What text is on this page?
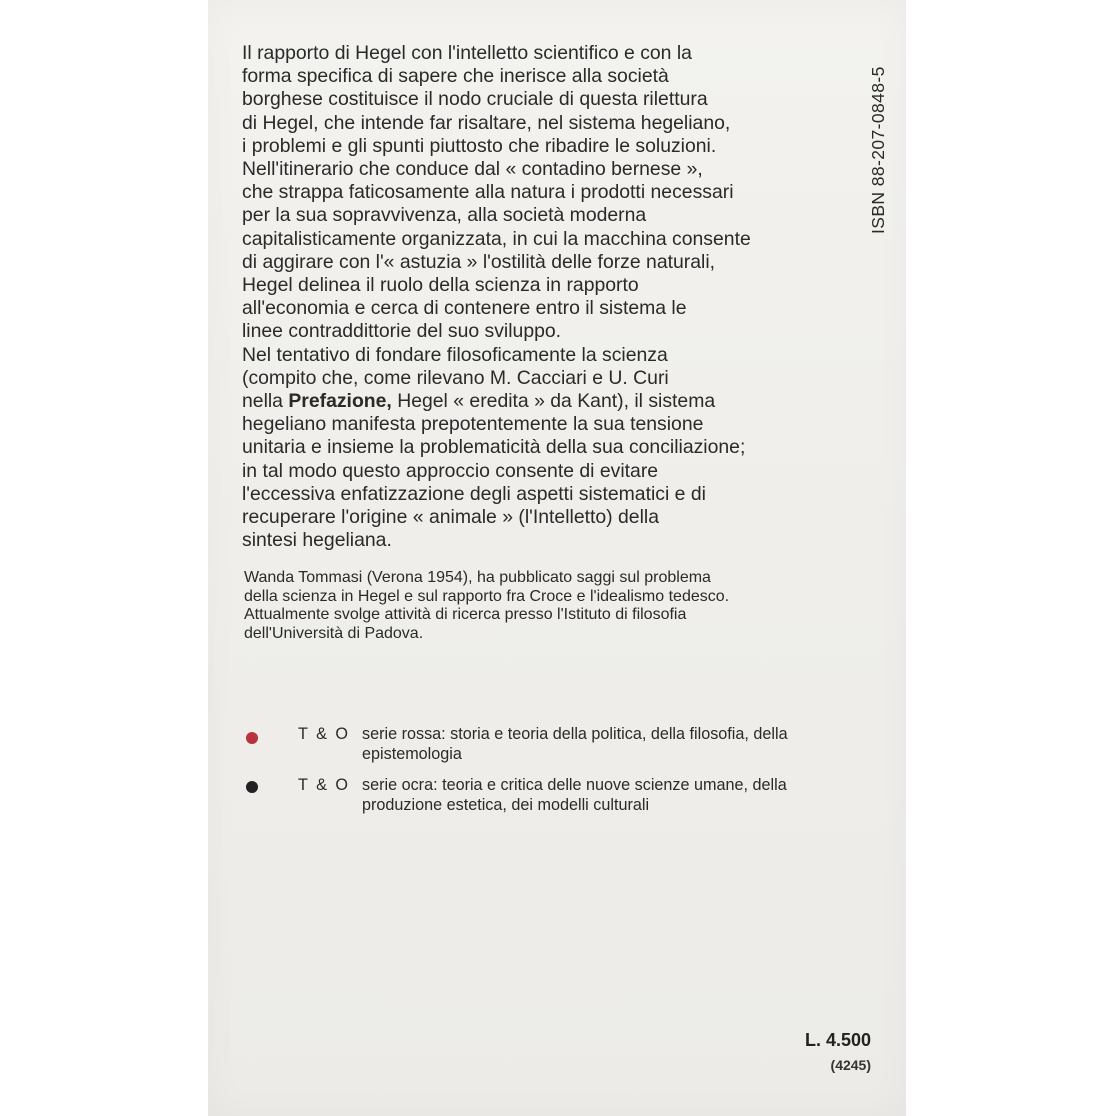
Il rapporto di Hegel con l'intelletto scientifico e con la
forma specifica di sapere che inerisce alla società
borghese costituisce il nodo cruciale di questa rilettura
di Hegel, che intende far risaltare, nel sistema hegeliano,
i problemi e gli spunti piuttosto che ribadire le soluzioni.
Nell'itinerario che conduce dal « contadino bernese »,
che strappa faticosamente alla natura i prodotti necessari
per la sua sopravvivenza, alla società moderna
capitalisticamente organizzata, in cui la macchina consente
di aggirare con l'« astuzia » l'ostilità delle forze naturali,
Hegel delinea il ruolo della scienza in rapporto
all'economia e cerca di contenere entro il sistema le
linee contraddittorie del suo sviluppo.
Nel tentativo di fondare filosoficamente la scienza
(compito che, come rilevano M. Cacciari e U. Curi
nella Prefazione, Hegel « eredita » da Kant), il sistema
hegeliano manifesta prepotentemente la sua tensione
unitaria e insieme la problematicità della sua conciliazione;
in tal modo questo approccio consente di evitare
l'eccessiva enfatizzazione degli aspetti sistematici e di
recuperare l'origine « animale » (l'Intelletto) della
sintesi hegeliana.
ISBN 88-207-0848-5
Wanda Tommasi (Verona 1954), ha pubblicato saggi sul problema
della scienza in Hegel e sul rapporto fra Croce e l'idealismo tedesco.
Attualmente svolge attività di ricerca presso l'Istituto di filosofia
dell'Università di Padova.
T & O serie rossa: storia e teoria della politica, della filosofia, della
epistemologia
T & O serie ocra: teoria e critica delle nuove scienze umane, della
produzione estetica, dei modelli culturali
L. 4.500
(4245)
